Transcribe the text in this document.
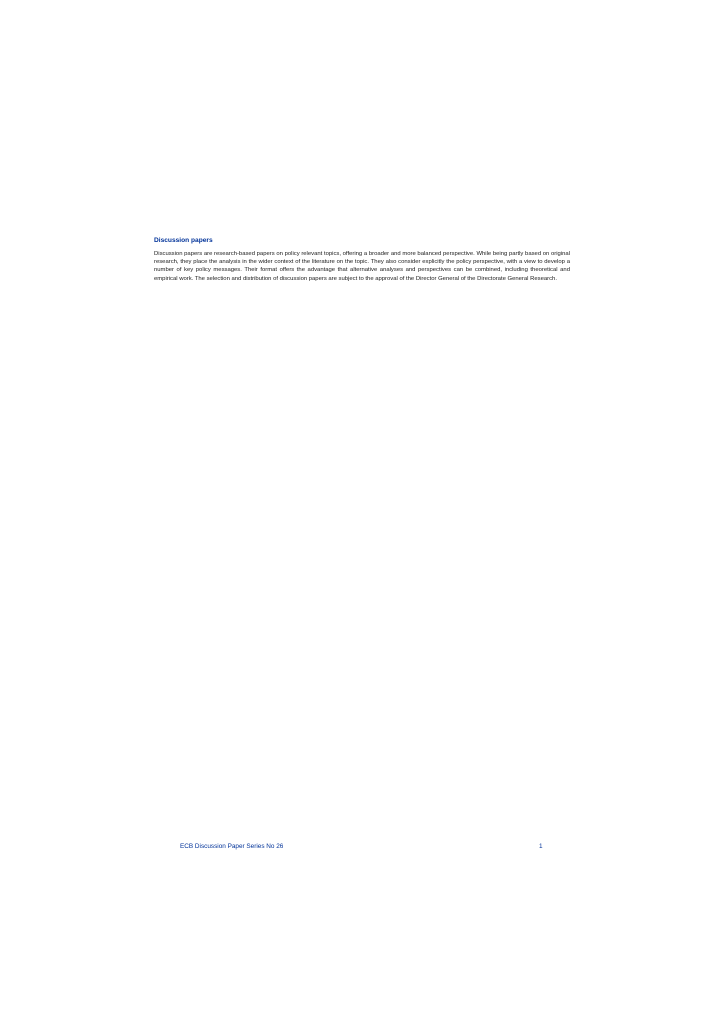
Discussion papers

Discussion papers are research-based papers on policy relevant topics, offering a broader and more balanced perspective. While being partly based on original research, they place the analysis in the wider context of the literature on the topic. They also consider explicitly the policy perspective, with a view to develop a number of key policy messages. Their format offers the advantage that alternative analyses and perspectives can be combined, including theoretical and empirical work. The selection and distribution of discussion papers are subject to the approval of the Director General of the Directorate General Research.

ECB Discussion Paper Series No 26	1
